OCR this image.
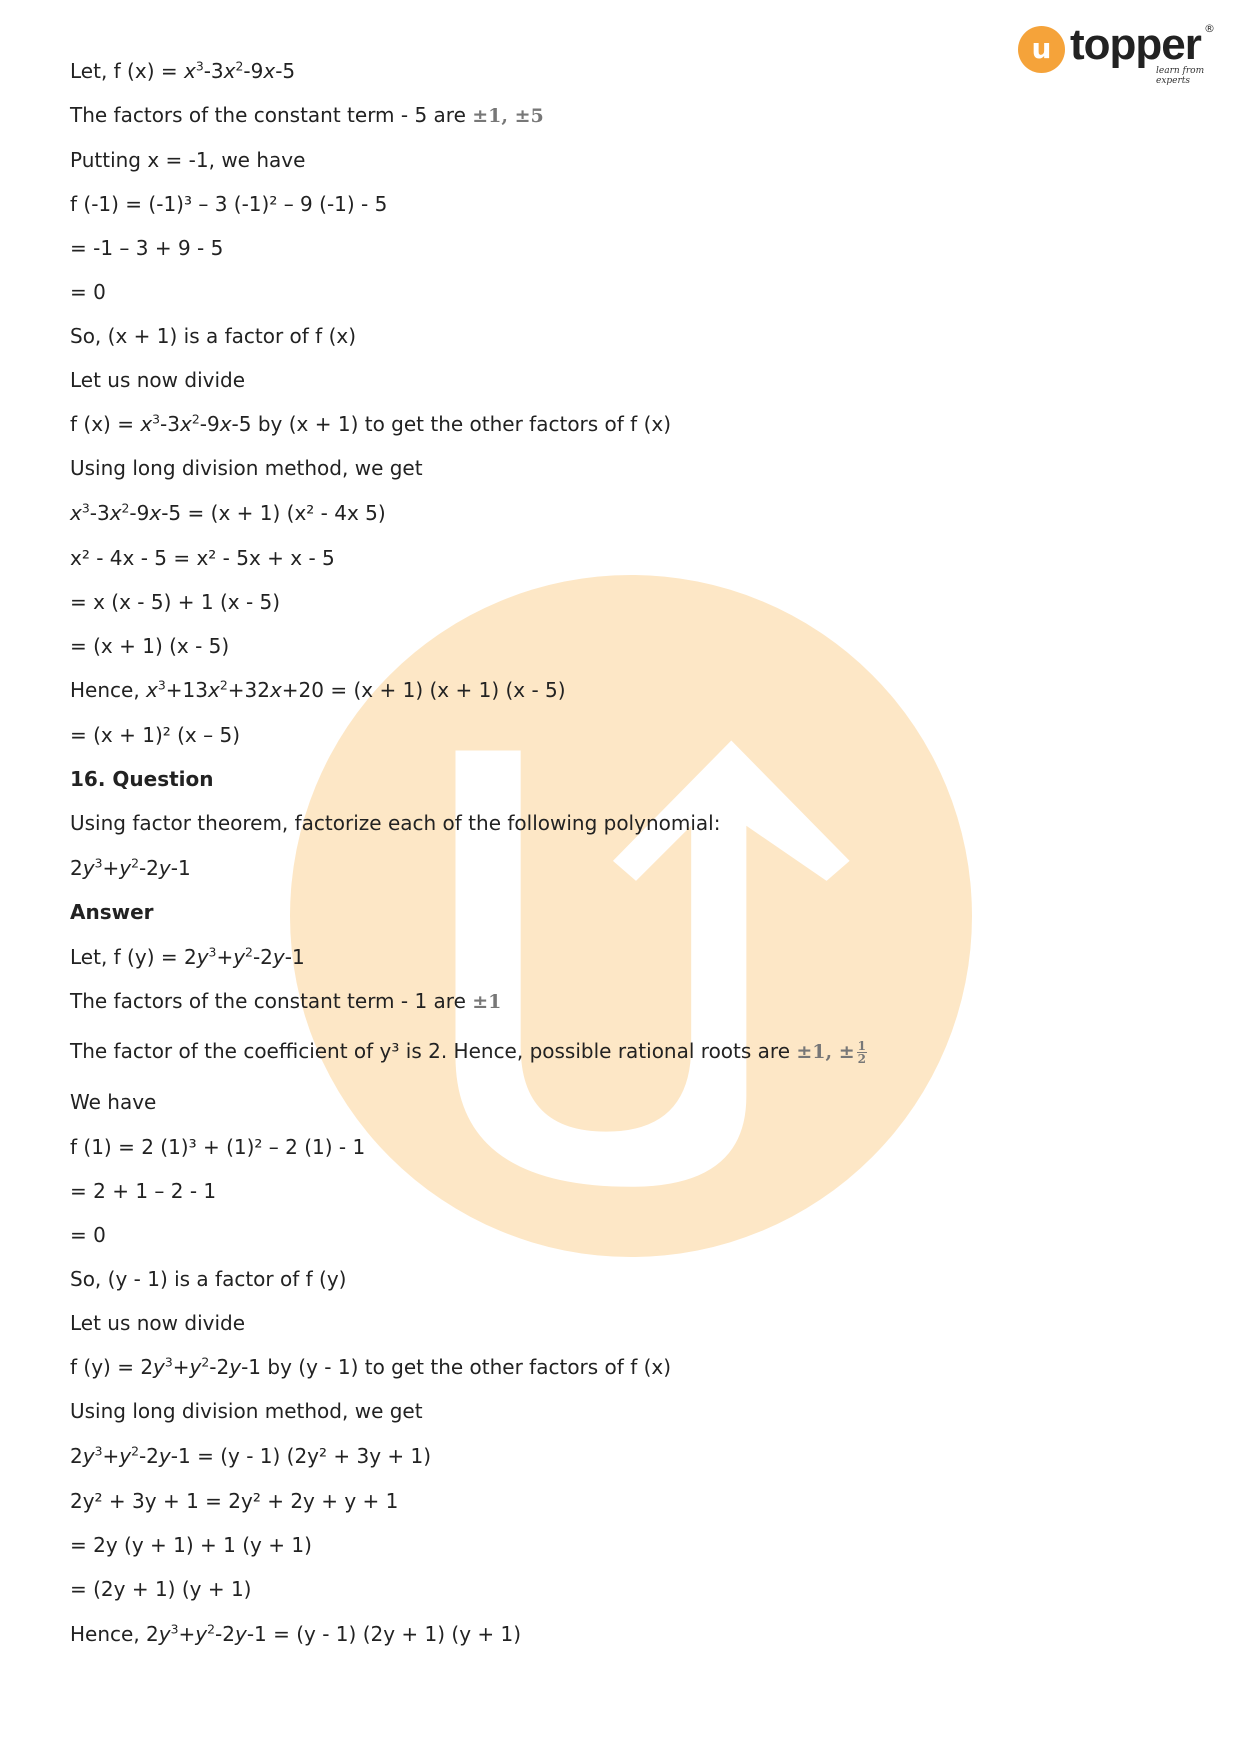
u topper ®
learn from experts
Let, f $(x) = x^3-3x^2-9x-5$
The factors of the constant term - 5 are ±1, ±5
Putting x = -1, we have
f (-1) = (-1)³ – 3 (-1)² – 9 (-1) - 5
= -1 – 3 + 9 - 5
= 0
So, (x + 1) is a factor of f (x)
Let us now divide
f $(x) = x^3-3x^2-9x-5$ by (x + 1) to get the other factors of f (x)
Using long division method, we get
$x^3-3x^2-9x-5 = (x + 1)$ (x² - 4x 5)
x² - 4x - 5 = x² - 5x + x - 5
= x (x - 5) + 1 (x - 5)
= (x + 1) (x - 5)
Hence, $x^3+13x^2+32x+20 = (x + 1) (x + 1)$ (x - 5)
= (x + 1)² (x – 5)
16. Question
Using factor theorem, factorize each of the following polynomial:
$2y^3+y^2-2y-1$
Answer
Let, f $(y) = 2y^3+y^2-2y-1$
The factors of the constant term - 1 are ±1
The factor of the coefficient of y³ is 2. Hence, possible rational roots are ±1, ± $\frac{1}{2}$
We have
f (1) = 2 (1)³ + (1)² – 2 (1) - 1
= 2 + 1 – 2 - 1
= 0
So, (y - 1) is a factor of f (y)
Let us now divide
f $(y) = 2y^3+y^2-2y-1$ by (y - 1) to get the other factors of f (x)
Using long division method, we get
$2y^3+y^2-2y-1 = (y - 1) (2y^2 + 3y + 1)$
2y² + 3y + 1 = 2y² + 2y + y + 1
= 2y (y + 1) + 1 (y + 1)
= (2y + 1) (y + 1)
Hence, $2y^3+y^2-2y-1 = (y - 1) (2y + 1) (y + 1)$
